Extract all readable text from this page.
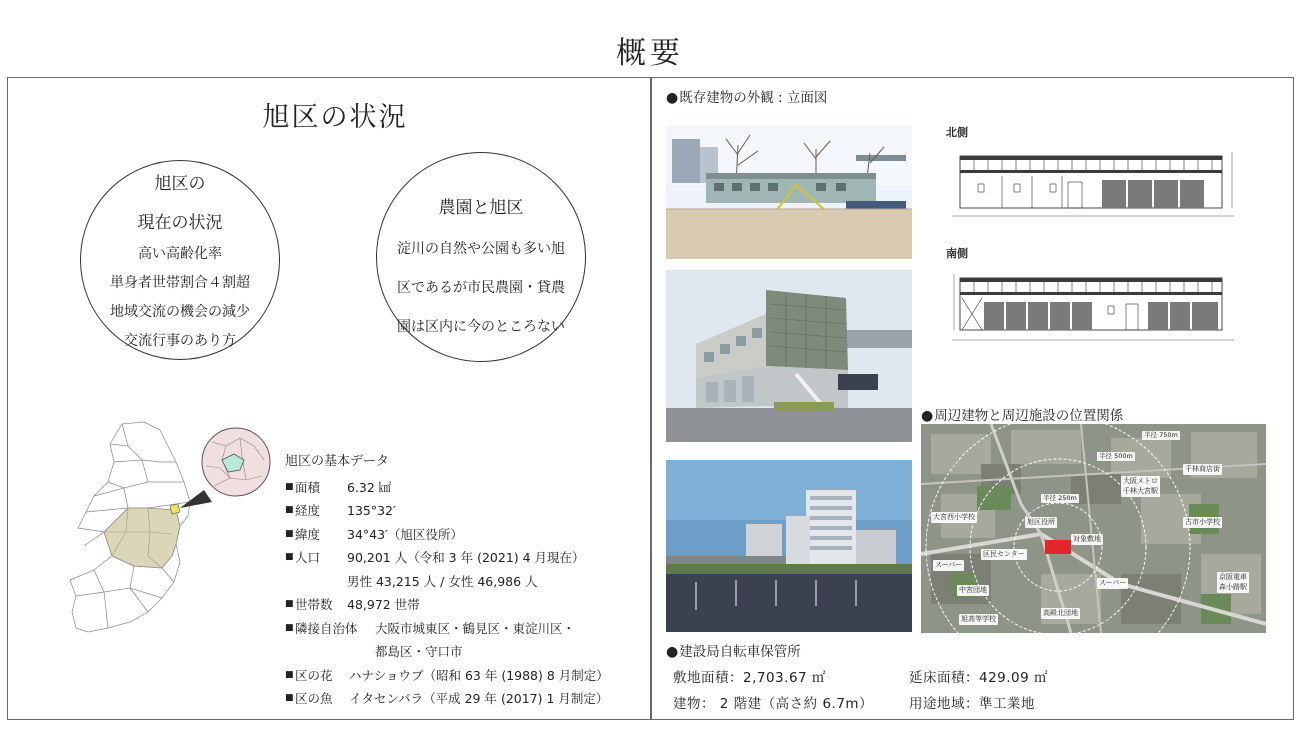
概要
旭区の状況
旭区の
現在の状況
高い高齢化率
単身者世帯割合４割超
地域交流の機会の減少
交流行事のあり方
農園と旭区
淀川の自然や公園も多い旭
区であるが市民農園・貸農
園は区内に今のところない
旭区の基本データ
■ 面積	6.32 ㎢
■ 経度	135°32′
■ 緯度	34°43′（旭区役所）
■ 人口	90,201 人（令和 3 年 (2021) 4 月現在）
男性 43,215 人 / 女性 46,986 人
■ 世帯数	48,972 世帯
■ 隣接自治体	大阪市城東区・鶴見区・東淀川区・
都島区・守口市
■ 区の花	ハナショウブ（昭和 63 年 (1988) 8 月制定）
■ 区の魚	イタセンパラ（平成 29 年 (2017) 1 月制定）
●既存建物の外観 : 立面図
北側
南側
●周辺建物と周辺施設の位置関係
半径 750m
半径 500m
半径 250m
千林商店街
大阪メトロ
千林大宮駅
大宮西小学校
旭区役所	古市小学校
対象敷地
区民センター
スーパー
スーパー
京阪電車
森小路駅
中宮団地
高殿北団地
旭高等学校
●建設局自転車保管所
敷地面積：2,703.67 ㎡	延床面積：429.09 ㎡
建物： 2 階建（高さ約 6.7m）	用途地域：準工業地
